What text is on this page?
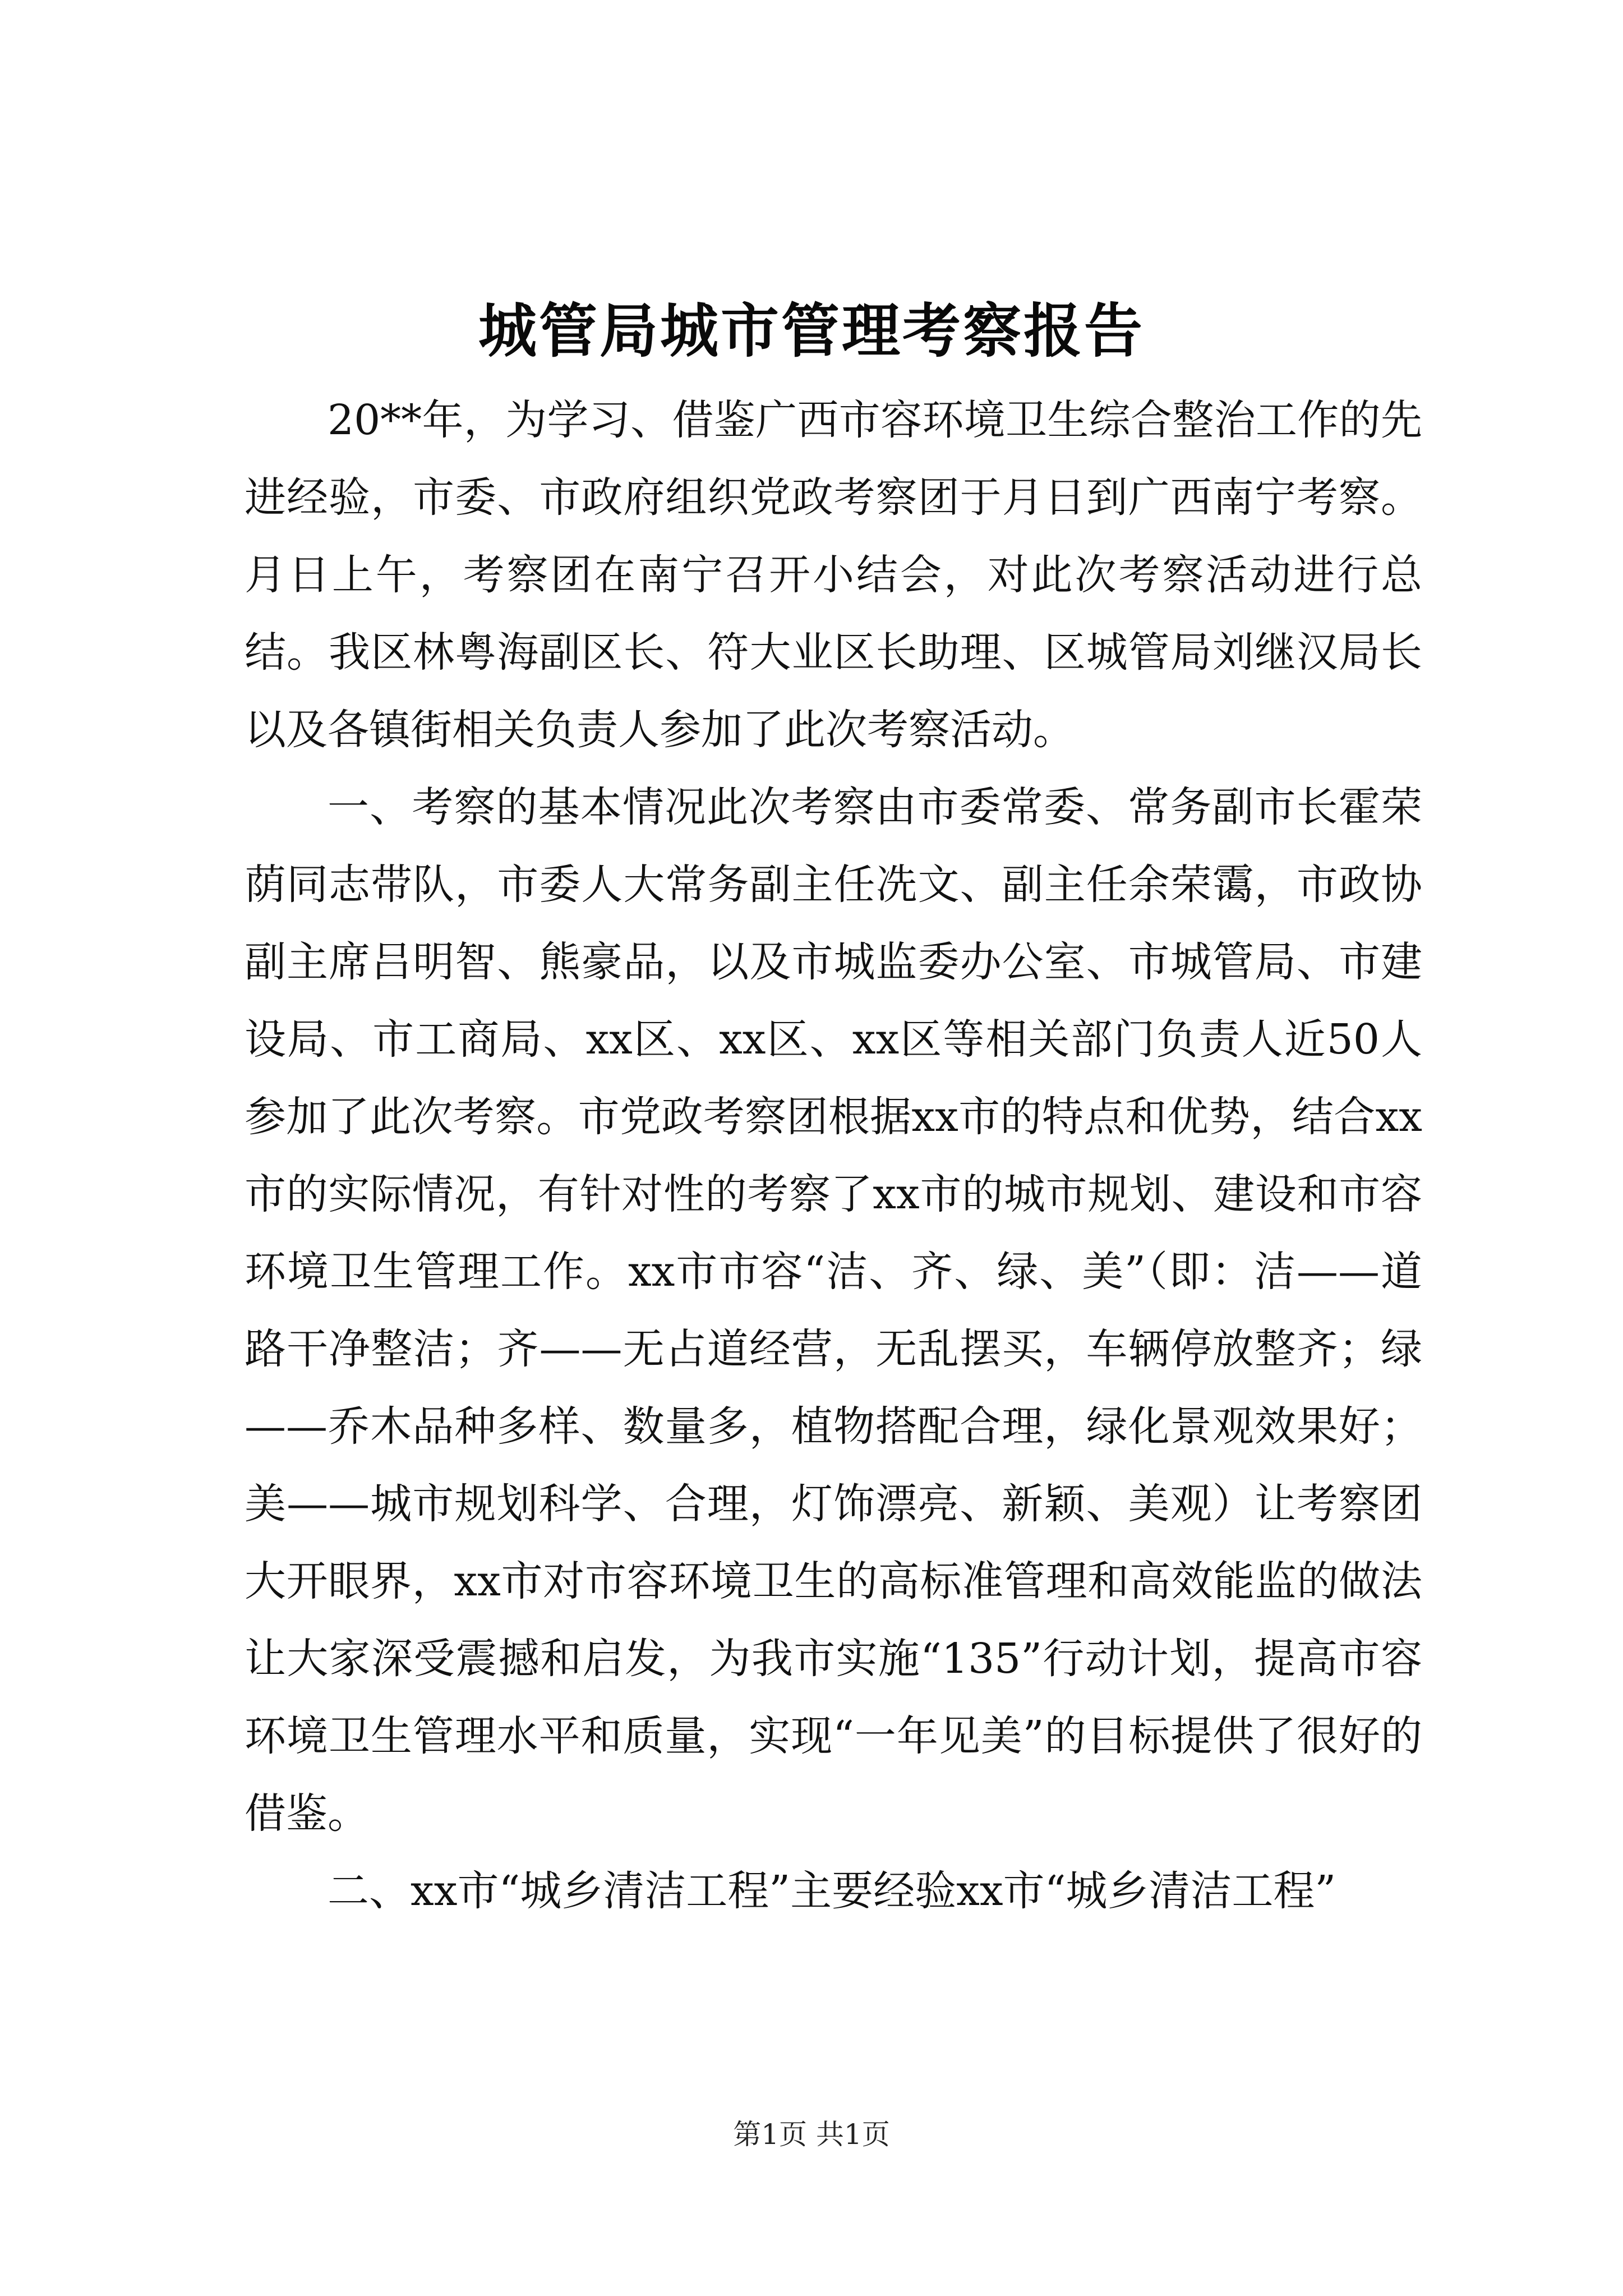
城管局城市管理考察报告

20**年，为学习、借鉴广西市容环境卫生综合整治工作的先进经验，市委、市政府组织党政考察团于月日到广西南宁考察。月日上午，考察团在南宁召开小结会，对此次考察活动进行总结。我区林粤海副区长、符大业区长助理、区城管局刘继汉局长以及各镇街相关负责人参加了此次考察活动。

一、考察的基本情况此次考察由市委常委、常务副市长霍荣荫同志带队，市委人大常务副主任冼文、副主任余荣霭，市政协副主席吕明智、熊豪品，以及市城监委办公室、市城管局、市建设局、市工商局、xx区、xx区、xx区等相关部门负责人近50人参加了此次考察。市党政考察团根据xx市的特点和优势，结合xx市的实际情况，有针对性的考察了xx市的城市规划、建设和市容环境卫生管理工作。xx市市容“洁、齐、绿、美”（即：洁——道路干净整洁；齐——无占道经营，无乱摆买，车辆停放整齐；绿——乔木品种多样、数量多，植物搭配合理，绿化景观效果好；美——城市规划科学、合理，灯饰漂亮、新颖、美观）让考察团大开眼界，xx市对市容环境卫生的高标准管理和高效能监的做法让大家深受震撼和启发，为我市实施“135”行动计划，提高市容环境卫生管理水平和质量，实现“一年见美”的目标提供了很好的借鉴。

二、xx市“城乡清洁工程”主要经验xx市“城乡清洁工程”

第1页 共1页
